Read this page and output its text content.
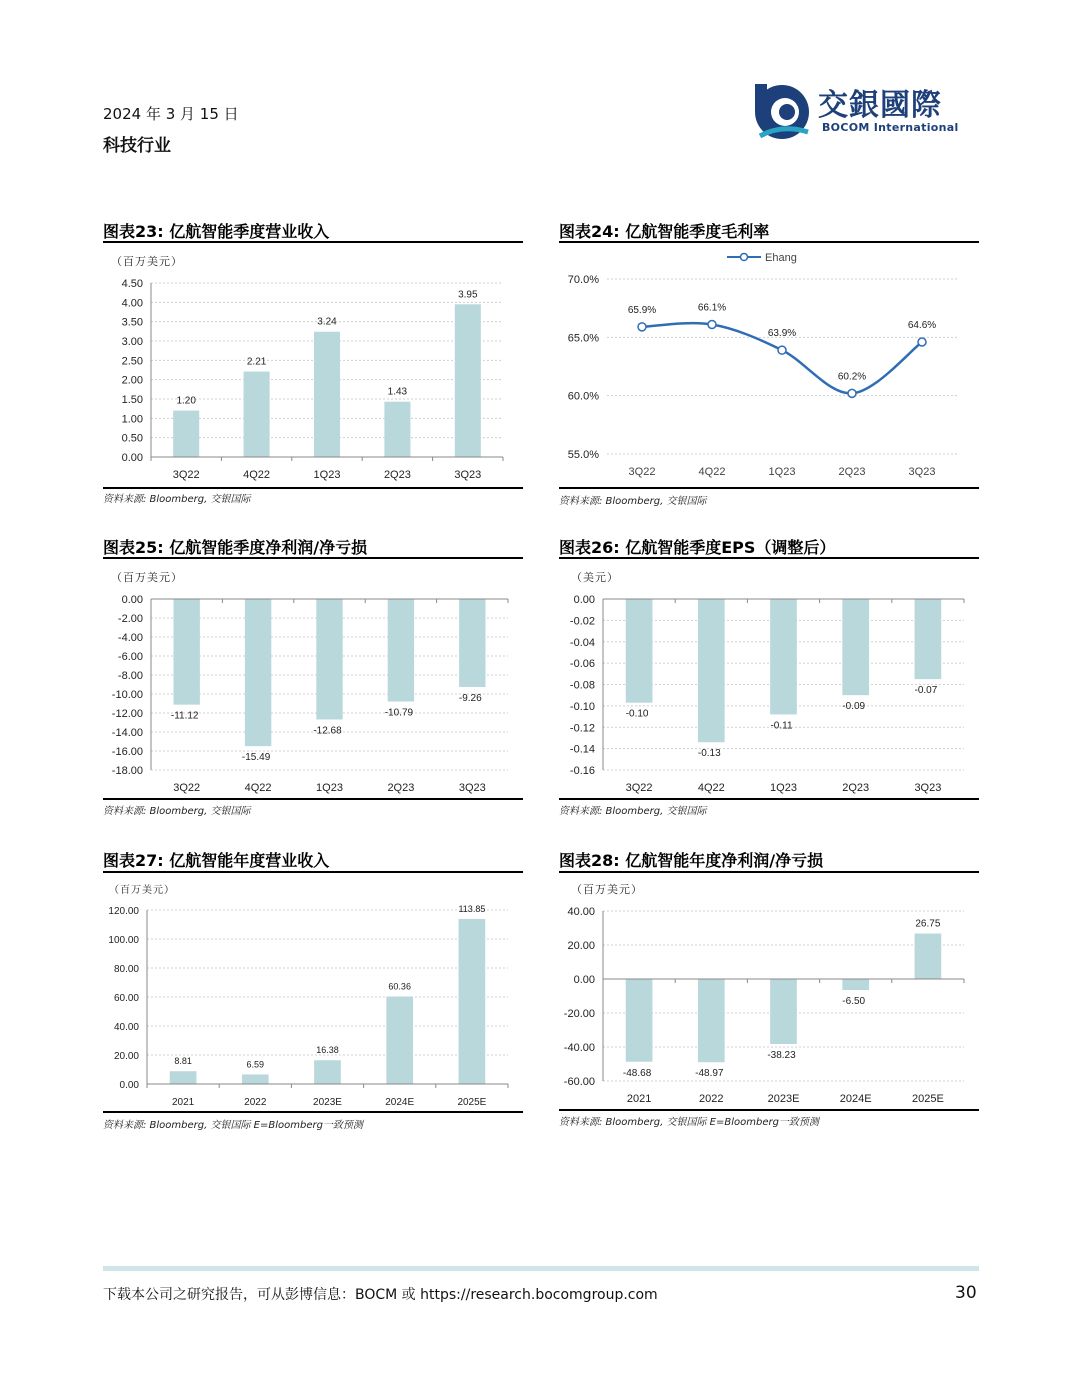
2024 年 3 月 15 日
科技行业
交銀國際
BOCOM International
图表23: 亿航智能季度营业收入
（百万美元）
0.00
0.50
1.00
1.50
2.00
2.50
3.00
3.50
4.00
4.50
1.20
2.21
3.24
1.43
3.95
3Q22	4Q22	1Q23	2Q23	3Q23
资料来源: Bloomberg, 交银国际
图表24: 亿航智能季度毛利率
55.0%
60.0%
65.0%
70.0%
Ehang
65.9%	66.1%
63.9%
60.2%
64.6%
3Q22	4Q22	1Q23	2Q23	3Q23
资料来源: Bloomberg, 交银国际
图表25: 亿航智能季度净利润/净亏损
（百万美元）
-18.00
-16.00
-14.00
-12.00
-10.00
-8.00
-6.00
-4.00
-2.00
0.00
-11.12
-15.49
-12.68
-10.79
-9.26
3Q22	4Q22	1Q23	2Q23	3Q23
资料来源: Bloomberg, 交银国际
图表26: 亿航智能季度EPS（调整后）
（美元）
-0.16
-0.14
-0.12
-0.10
-0.08
-0.06
-0.04
-0.02
0.00
-0.10
-0.13
-0.11
-0.09
-0.07
3Q22	4Q22	1Q23	2Q23	3Q23
资料来源: Bloomberg, 交银国际
图表27: 亿航智能年度营业收入
（百万美元）
0.00
20.00
40.00
60.00
80.00
100.00
120.00
8.81	6.59
16.38
60.36
113.85
2021	2022	2023E	2024E	2025E
资料来源: Bloomberg, 交银国际 E=Bloomberg一致预测
图表28: 亿航智能年度净利润/净亏损
（百万美元）
-60.00
-40.00
-20.00
0.00
20.00
40.00
-48.68	-48.97
-38.23
-6.50
26.75
2021	2022	2023E	2024E	2025E
资料来源: Bloomberg, 交银国际 E=Bloomberg一致预测
下载本公司之研究报告，可从彭博信息：BOCM 或 https://research.bocomgroup.com	30
